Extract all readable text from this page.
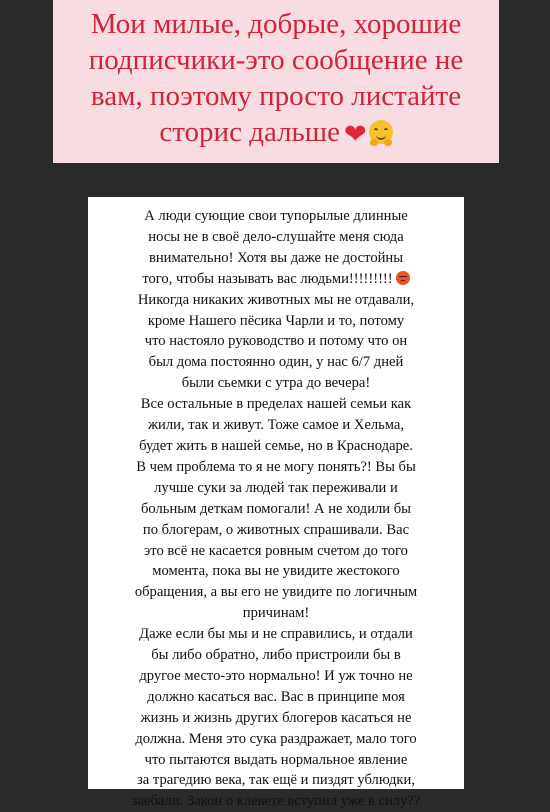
Мои милые, добрые, хорошие

подписчики-это сообщение не

вам, поэтому просто листайте

сторис дальше ❤

А люди сующие свои тупорылые длинные
носы не в своё дело-слушайте меня сюда
внимательно! Хотя вы даже не достойны
того, чтобы называть вас людьми!!!!!!!!!
Никогда никаких животных мы не отдавали,
кроме Нашего пёсика Чарли и то, потому
что настояло руководство и потому что он
был дома постоянно один, у нас 6/7 дней
были сьемки с утра до вечера!
Все остальные в пределах нашей семьи как
жили, так и живут. Тоже самое и Хельма,
будет жить в нашей семье, но в Краснодаре.
В чем проблема то я не могу понять?! Вы бы
лучше суки за людей так переживали и
больным деткам помогали! А не ходили бы
по блогерам, о животных спрашивали. Вас
это всё не касается ровным счетом до того
момента, пока вы не увидите жестокого
обращения, а вы его не увидите по логичным
причинам!
Даже если бы мы и не справились, и отдали
бы либо обратно, либо пристроили бы в
другое место-это нормально! И уж точно не
должно касаться вас. Вас в принципе моя
жизнь и жизнь других блогеров касаться не
должна. Меня это сука раздражает, мало того
что пытаются выдать нормальное явление
за трагедию века, так ещё и пиздят ублюдки,
заебали. Закон о клевете вступил уже в силу??
